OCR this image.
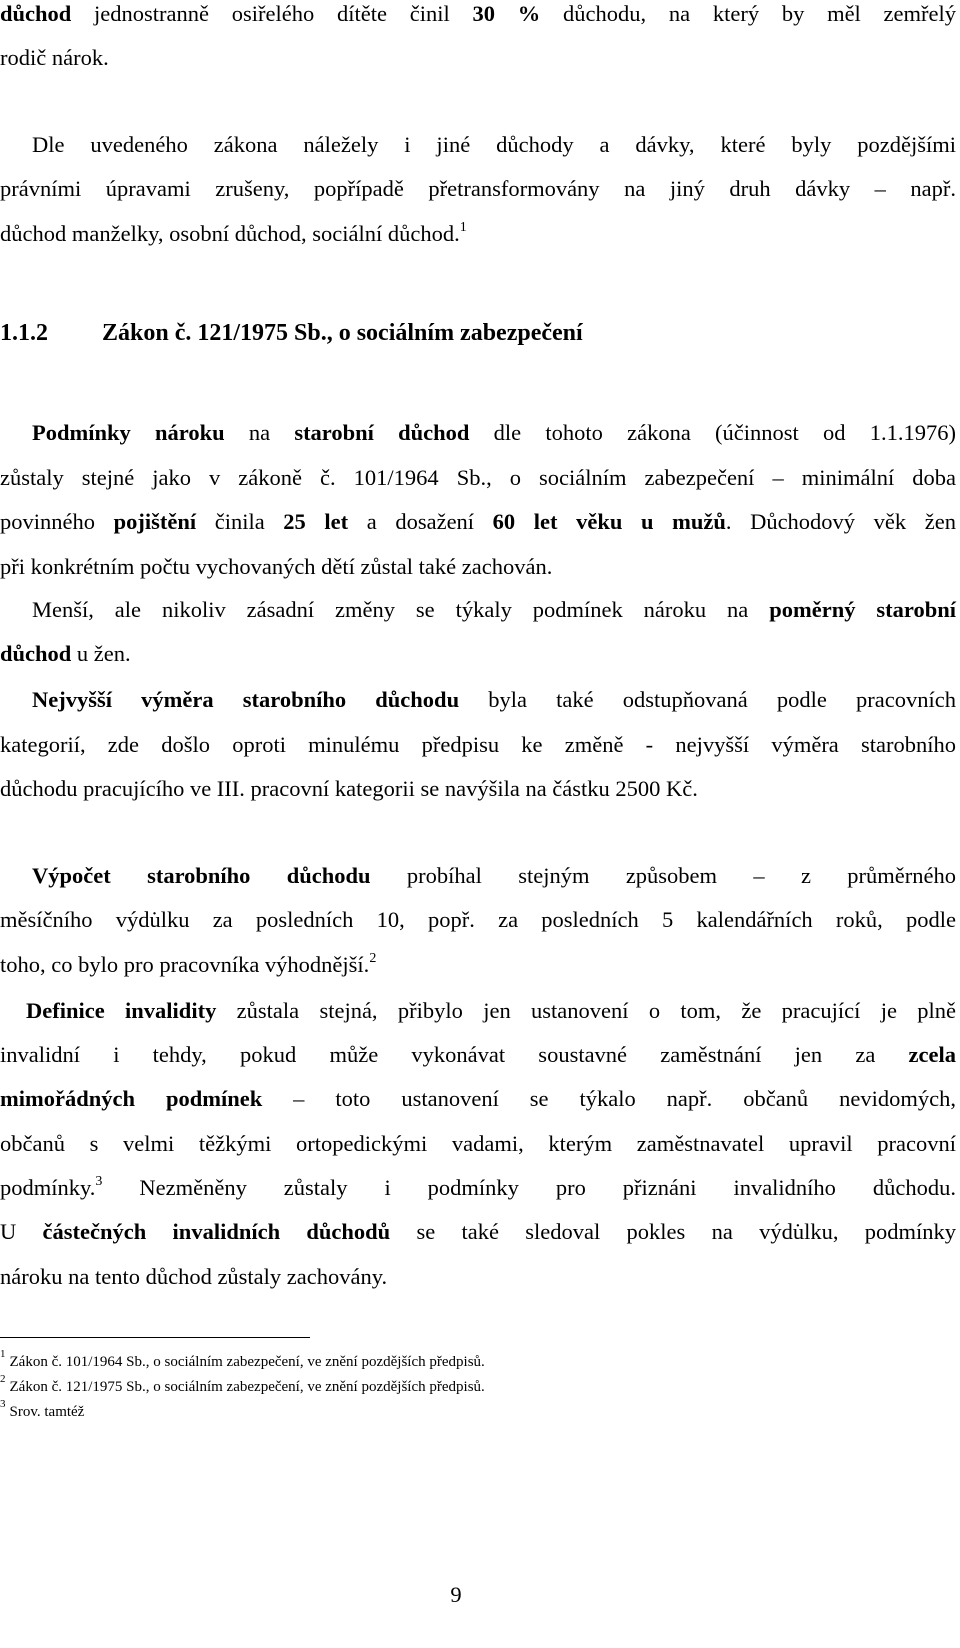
důchod jednostranně osiřelého dítěte činil 30 % důchodu, na který by měl zemřelý
rodič nárok.
Dle uvedeného zákona náležely i jiné důchody a dávky, které byly pozdějšími
právními úpravami zrušeny, popřípadě přetransformovány na jiný druh dávky – např.
důchod manželky, osobní důchod, sociální důchod.$^1$
1.1.2 Zákon č. 121/1975 Sb., o sociálním zabezpečení
Podmínky nároku na starobní důchod dle tohoto zákona (účinnost od 1.1.1976)
zůstaly stejné jako v zákoně č. 101/1964 Sb., o sociálním zabezpečení – minimální doba
povinného pojištění činila 25 let a dosažení 60 let věku u mužů. Důchodový věk žen
při konkrétním počtu vychovaných dětí zůstal také zachován.
Menší, ale nikoliv zásadní změny se týkaly podmínek nároku na poměrný starobní
důchod u žen.
Nejvyšší výměra starobního důchodu byla také odstupňovaná podle pracovních
kategorií, zde došlo oproti minulému předpisu ke změně - nejvyšší výměra starobního
důchodu pracujícího ve III. pracovní kategorii se navýšila na částku 2500 Kč.
Výpočet starobního důchodu probíhal stejným způsobem – z průměrného
měsíčního výdu̇lku za posledních 10, popř. za posledních 5 kalendářních roků, podle
toho, co bylo pro pracovníka výhodnější.$^2$
Definice invalidity zůstala stejná, přibylo jen ustanovení o tom, že pracující je plně
invalidní i tehdy, pokud může vykonávat soustavné zaměstnání jen za zcela
mimořádných podmínek – toto ustanovení se týkalo např. občanů nevidomých,
občanů s velmi těžkými ortopedickými vadami, kterým zaměstnavatel upravil pracovní
podmínky.$^3$ Nezměněny zůstaly i podmínky pro přiznáni invalidního důchodu.
U částečných invalidních důchodů se také sledoval pokles na výdu̇lku, podmínky
nároku na tento důchod zůstaly zachovány.
$^1$ Zákon č. 101/1964 Sb., o sociálním zabezpečení, ve znění pozdějších předpisů.
$^2$ Zákon č. 121/1975 Sb., o sociálním zabezpečení, ve znění pozdějších předpisů.
$^3$ Srov. tamtéž
9
